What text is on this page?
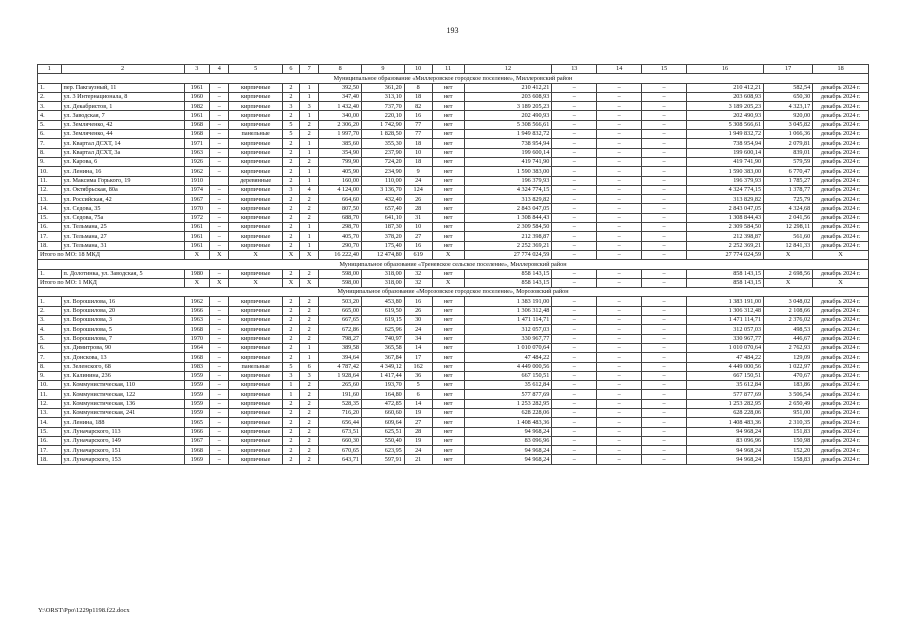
193
1	2	3	4	5	6	7	8	9	10	11	12	13	14	15	16	17	18
Муниципальное образование «Миллеровское городское поселение», Миллеровский район																	
1.	пер. Пакгаузный, 11	1961	–	кирпичные	2	1	392,50	361,20	8	нет	210 412,21	–	–	–	210 412,21	582,54	декабрь 2024 г.
2.	ул. 3 Интернационала, 8	1960	–	кирпичные	2	1	347,40	313,10	18	нет	203 608,93	–	–	–	203 608,93	650,30	декабрь 2024 г.
3.	ул. Декабристов, 1	1982	–	кирпичные	3	3	1 432,40	737,70	82	нет	3 189 205,23	–	–	–	3 189 205,23	4 323,17	декабрь 2024 г.
4.	ул. Заводская, 7	1961	–	кирпичные	2	1	340,00	220,10	16	нет	202 490,93	–	–	–	202 490,93	920,00	декабрь 2024 г.
5.	ул. Земляченко, 42	1968	–	кирпичные	5	2	2 306,20	1 742,90	77	нет	5 308 566,61	–	–	–	5 308 566,61	3 045,82	декабрь 2024 г.
6.	ул. Земляченко, 44	1968	–	панельные	5	2	1 997,70	1 828,50	77	нет	1 949 832,72	–	–	–	1 949 832,72	1 066,36	декабрь 2024 г.
7.	ул. Квартал ДСХТ, 14	1971	–	кирпичные	2	1	385,60	355,30	18	нет	738 954,94	–	–	–	738 954,94	2 079,81	декабрь 2024 г.
8.	ул. Квартал ДСХТ, 3а	1963	–	кирпичные	2	1	354,90	237,90	10	нет	199 600,14	–	–	–	199 600,14	839,01	декабрь 2024 г.
9.	ул. Карова, 6	1926	–	кирпичные	2	2	799,90	724,20	18	нет	419 741,90	–	–	–	419 741,90	579,59	декабрь 2024 г.
10.	ул. Ленина, 16	1962	–	кирпичные	2	1	405,90	234,90	9	нет	1 590 383,00	–	–	–	1 590 383,00	6 770,47	декабрь 2024 г.
11.	ул. Максима Горького, 19	1910		деревянные	2	1	160,00	110,00	24	нет	196 379,93	–	–	–	196 379,93	1 785,27	декабрь 2024 г.
12.	ул. Октябрьская, 80а	1974	–	кирпичные	3	4	4 124,00	3 136,70	124	нет	4 324 774,15	–	–	–	4 324 774,15	1 378,77	декабрь 2024 г.
13.	ул. Российская, 42	1967	–	кирпичные	2	2	664,60	432,40	26	нет	313 829,82	–	–	–	313 829,82	725,79	декабрь 2024 г.
14.	ул. Седова, 35	1970	–	кирпичные	2	2	807,50	657,40	28	нет	2 843 047,05	–	–	–	2 843 047,05	4 324,68	декабрь 2024 г.
15.	ул. Седова, 75а	1972	–	кирпичные	2	2	688,70	641,10	31	нет	1 308 844,43	–	–	–	1 308 844,43	2 041,56	декабрь 2024 г.
16.	ул. Тельмана, 25	1961	–	кирпичные	2	1	298,70	187,30	10	нет	2 309 584,50	–	–	–	2 309 584,50	12 298,11	декабрь 2024 г.
17.	ул. Тельмана, 27	1961	–	кирпичные	2	1	405,70	378,20	27	нет	212 398,87	–	–	–	212 398,87	561,60	декабрь 2024 г.
18.	ул. Тельмана, 31	1961	–	кирпичные	2	1	290,70	175,40	16	нет	2 252 369,21	–	–	–	2 252 369,21	12 841,33	декабрь 2024 г.
Итого по МО: 18 МКД		X	X	X	X	X	16 222,40	12 474,80	619	X	27 774 024,59	–	–	–	27 774 024,59	X	X
Муниципальное образование «Треневское сельское поселение», Миллеровский район																	
1.	п. Долотинка, ул. Заводская, 5	1980	–	кирпичные	2	2	598,00	318,00	32	нет	858 143,15	–	–	–	858 143,15	2 698,56	декабрь 2024 г.
Итого по МО: 1 МКД		X	X	X	X	X	598,00	318,00	32	X	858 143,15	–	–	–	858 143,15	X	X
Муниципальное образование «Морозовское городское поселение», Морозовский район																	
1.	ул. Ворошилова, 16	1962	–	кирпичные	2	2	503,20	453,80	16	нет	1 383 191,00	–	–	–	1 383 191,00	3 048,02	декабрь 2024 г.
2.	ул. Ворошилова, 20	1966	–	кирпичные	2	2	665,00	619,50	26	нет	1 306 312,48	–	–	–	1 306 312,48	2 108,66	декабрь 2024 г.
3.	ул. Ворошилова, 3	1963	–	кирпичные	2	2	667,65	619,15	30	нет	1 471 114,71	–	–	–	1 471 114,71	2 376,02	декабрь 2024 г.
4.	ул. Ворошилова, 5	1968	–	кирпичные	2	2	672,86	625,96	24	нет	312 057,03	–	–	–	312 057,03	498,53	декабрь 2024 г.
5.	ул. Ворошилова, 7	1970	–	кирпичные	2	2	798,27	740,97	34	нет	330 967,77	–	–	–	330 967,77	446,67	декабрь 2024 г.
6.	ул. Димитрова, 90	1964	–	кирпичные	2	1	389,58	365,58	14	нет	1 010 070,64	–	–	–	1 010 070,64	2 762,93	декабрь 2024 г.
7.	ул. Донскова, 13	1968	–	кирпичные	2	1	394,64	367,84	17	нет	47 484,22	–	–	–	47 484,22	129,09	декабрь 2024 г.
8.	ул. Зеленского, 68	1983	–	панельные	5	6	4 787,42	4 349,12	162	нет	4 449 000,56	–	–	–	4 449 000,56	1 022,97	декабрь 2024 г.
9.	ул. Калинина, 236	1959	–	кирпичные	3	3	1 928,64	1 417,44	36	нет	667 150,51	–	–	–	667 150,51	470,67	декабрь 2024 г.
10.	ул. Коммунистическая, 110	1959	–	кирпичные	1	2	265,60	193,70	5	нет	35 612,84	–	–	–	35 612,84	183,86	декабрь 2024 г.
11.	ул. Коммунистическая, 122	1959	–	кирпичные	1	2	191,60	164,80	6	нет	577 877,69	–	–	–	577 877,69	3 506,54	декабрь 2024 г.
12.	ул. Коммунистическая, 136	1959	–	кирпичные	2	2	528,35	472,85	14	нет	1 253 282,95	–	–	–	1 253 282,95	2 650,49	декабрь 2024 г.
13.	ул. Коммунистическая, 241	1959	–	кирпичные	2	2	716,20	660,60	19	нет	628 228,06	–	–	–	628 228,06	951,00	декабрь 2024 г.
14.	ул. Ленина, 188	1965	–	кирпичные	2	2	656,44	609,64	27	нет	1 408 483,36	–	–	–	1 408 483,36	2 310,35	декабрь 2024 г.
15.	ул. Луначарского, 113	1966	–	кирпичные	2	2	673,51	625,51	28	нет	94 968,24	–	–	–	94 968,24	151,83	декабрь 2024 г.
16.	ул. Луначарского, 149	1967	–	кирпичные	2	2	660,30	550,40	19	нет	83 096,96	–	–	–	83 096,96	150,98	декабрь 2024 г.
17.	ул. Луначарского, 151	1968	–	кирпичные	2	2	670,65	623,95	24	нет	94 968,24	–	–	–	94 968,24	152,20	декабрь 2024 г.
18.	ул. Луначарского, 153	1969	–	кирпичные	2	2	643,71	597,91	21	нет	94 968,24	–	–	–	94 968,24	158,83	декабрь 2024 г.
Y:\ORST\Ppo\1229p1198.f22.docx
